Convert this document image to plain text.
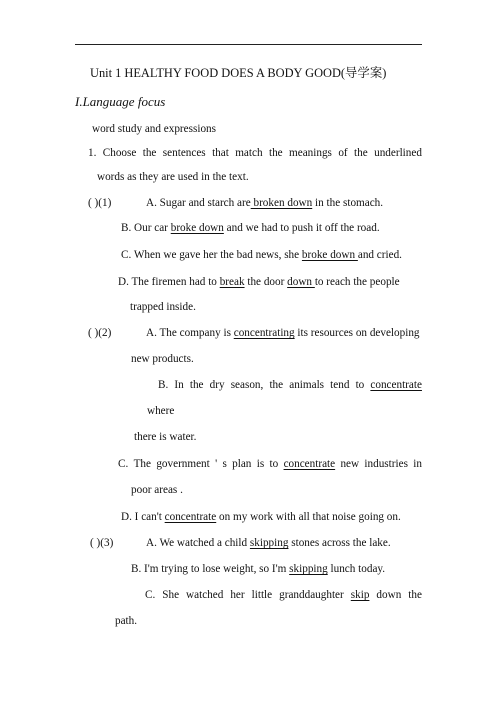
Unit 1 HEALTHY FOOD DOES A BODY GOOD(导学案)
I.Language focus
word study and expressions
1. Choose the sentences that match the meanings of the underlined
words as they are used in the text.
( )(1)	A. Sugar and starch are broken down in the stomach.
B. Our car broke down and we had to push it off the road.
C. When we gave her the bad news, she broke down and cried.
D. The firemen had to break the door down to reach the people
trapped inside.
( )(2)	A. The company is concentrating its resources on developing
new products.
B. In the dry season, the animals tend to concentrate
where
there is water.
C. The government ' s plan is to concentrate new industries in
poor areas .
D. I can't concentrate on my work with all that noise going on.
( )(3)	A. We watched a child skipping stones across the lake.
B. I'm trying to lose weight, so I'm skipping lunch today.
C. She watched her little granddaughter skip down the
path.
